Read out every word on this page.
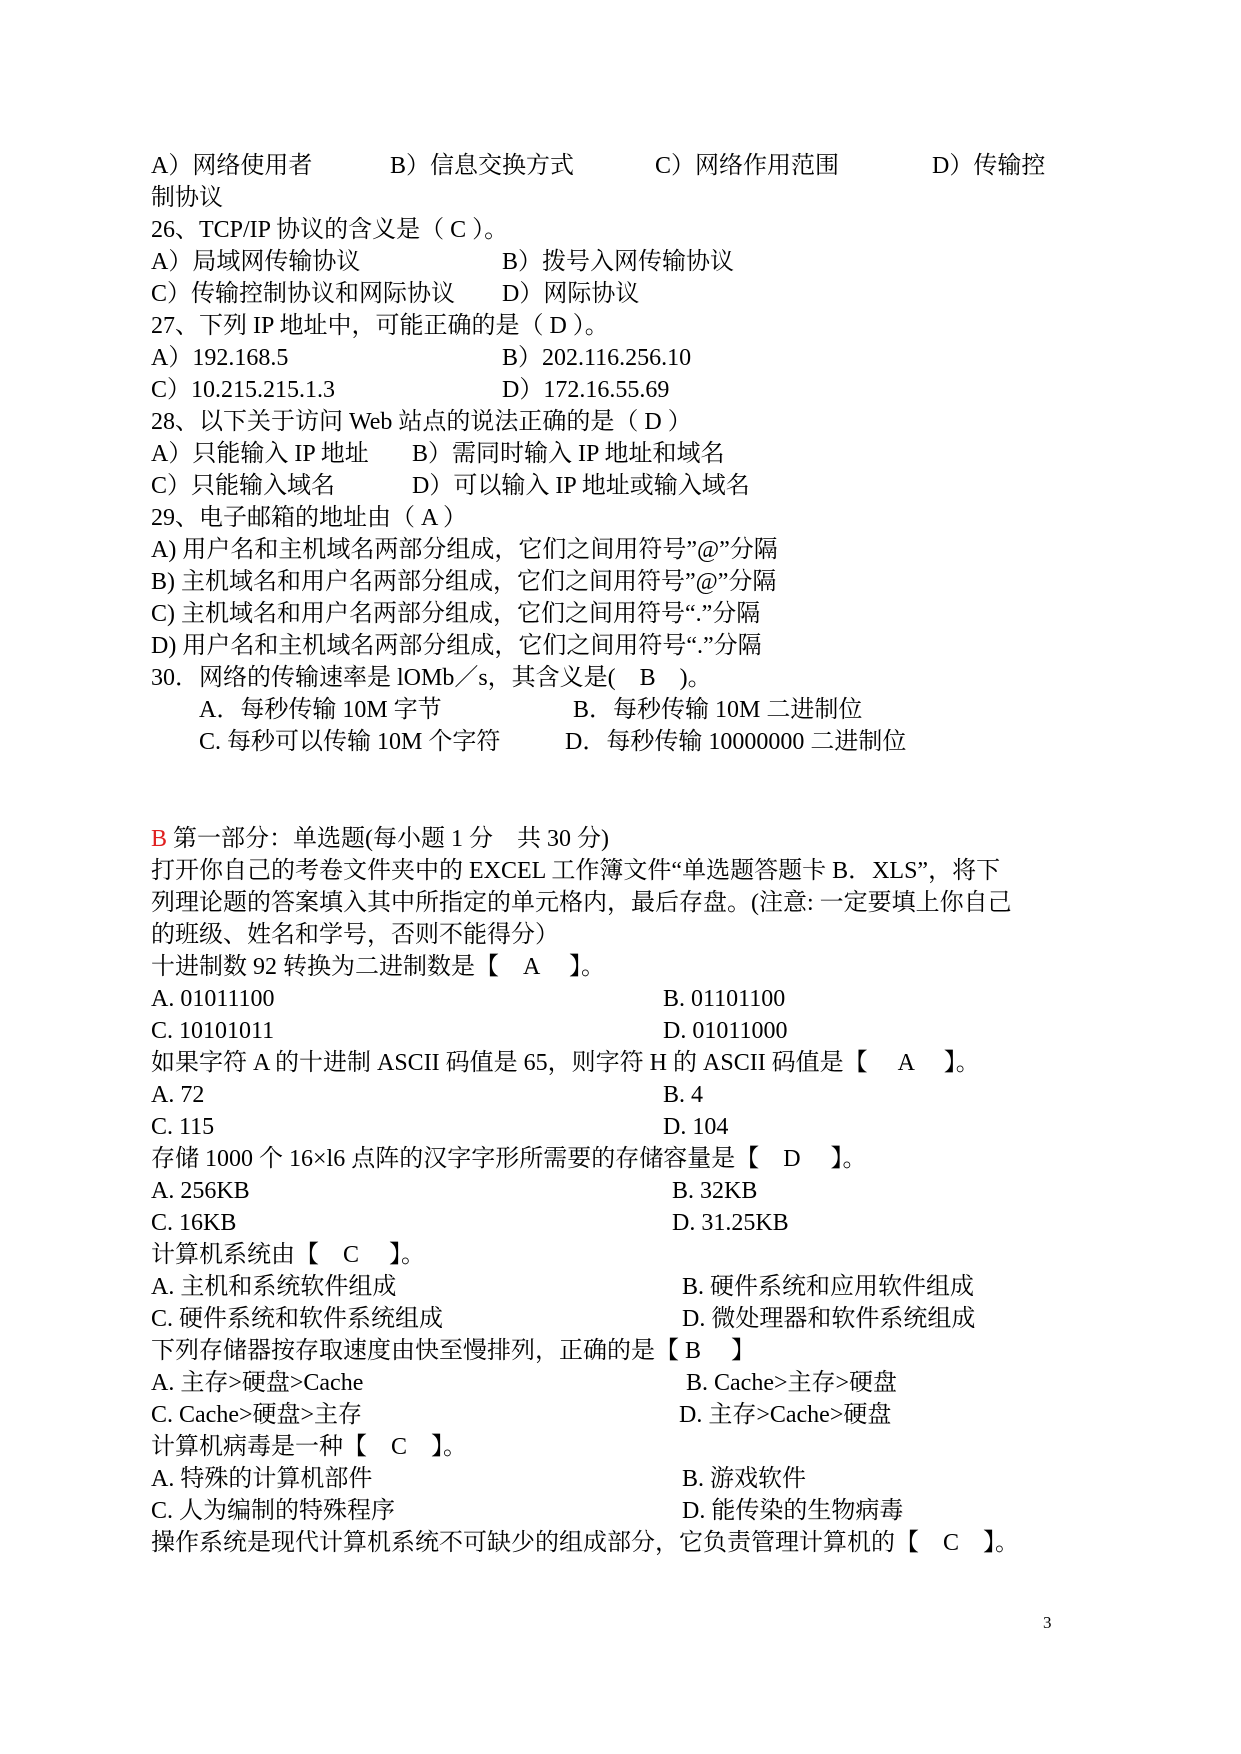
A）网络使用者	B）信息交换方式	C）网络作用范围	D）传输控
制协议
26、TCP/IP 协议的含义是（ C ）。
A）局域网传输协议	B）拨号入网传输协议
C）传输控制协议和网际协议 D）网际协议
27、下列 IP 地址中，可能正确的是（ D ）。
A）192.168.5	B）202.116.256.10
C）10.215.215.1.3	D）172.16.55.69
28、以下关于访问 Web 站点的说法正确的是（ D ）
A）只能输入 IP 地址 B）需同时输入 IP 地址和域名
C）只能输入域名	D）可以输入 IP 地址或输入域名
29、电子邮箱的地址由（ A ）
A) 用户名和主机域名两部分组成，它们之间用符号”@”分隔
B) 主机域名和用户名两部分组成，它们之间用符号”@”分隔
C) 主机域名和用户名两部分组成，它们之间用符号“.”分隔
D) 用户名和主机域名两部分组成，它们之间用符号“.”分隔
30．网络的传输速率是 lOMb／s，其含义是(　B　)。
A．每秒传输 10M 字节	B．每秒传输 10M 二进制位
C. 每秒可以传输 10M 个字符	D．每秒传输 10000000 二进制位
B 第一部分：单选题(每小题 1 分　共 30 分)
打开你自己的考卷文件夹中的 EXCEL 工作簿文件“单选题答题卡 B．XLS”，将下
列理论题的答案填入其中所指定的单元格内，最后存盘。(注意: 一定要填上你自己
的班级、姓名和学号，否则不能得分）
十进制数 92 转换为二进制数是【　A　 】。
A. 01011100	B. 01101100
C. 10101011	D. 01011000
如果字符 A 的十进制 ASCII 码值是 65，则字符 H 的 ASCII 码值是【　 A　 】。
A. 72	B. 4
C. 115	D. 104
存储 1000 个 16×l6 点阵的汉字字形所需要的存储容量是【　D　 】。
A. 256KB	B. 32KB
C. 16KB	D. 31.25KB
计算机系统由【　C　 】。
A. 主机和系统软件组成	B. 硬件系统和应用软件组成
C. 硬件系统和软件系统组成	D. 微处理器和软件系统组成
下列存储器按存取速度由快至慢排列，正确的是【 B　 】
A. 主存>硬盘>Cache	B. Cache>主存>硬盘
C. Cache>硬盘>主存	D. 主存>Cache>硬盘
计算机病毒是一种【　C　】。
A. 特殊的计算机部件	B. 游戏软件
C. 人为编制的特殊程序	D. 能传染的生物病毒
操作系统是现代计算机系统不可缺少的组成部分，它负责管理计算机的【　C　】。
3
